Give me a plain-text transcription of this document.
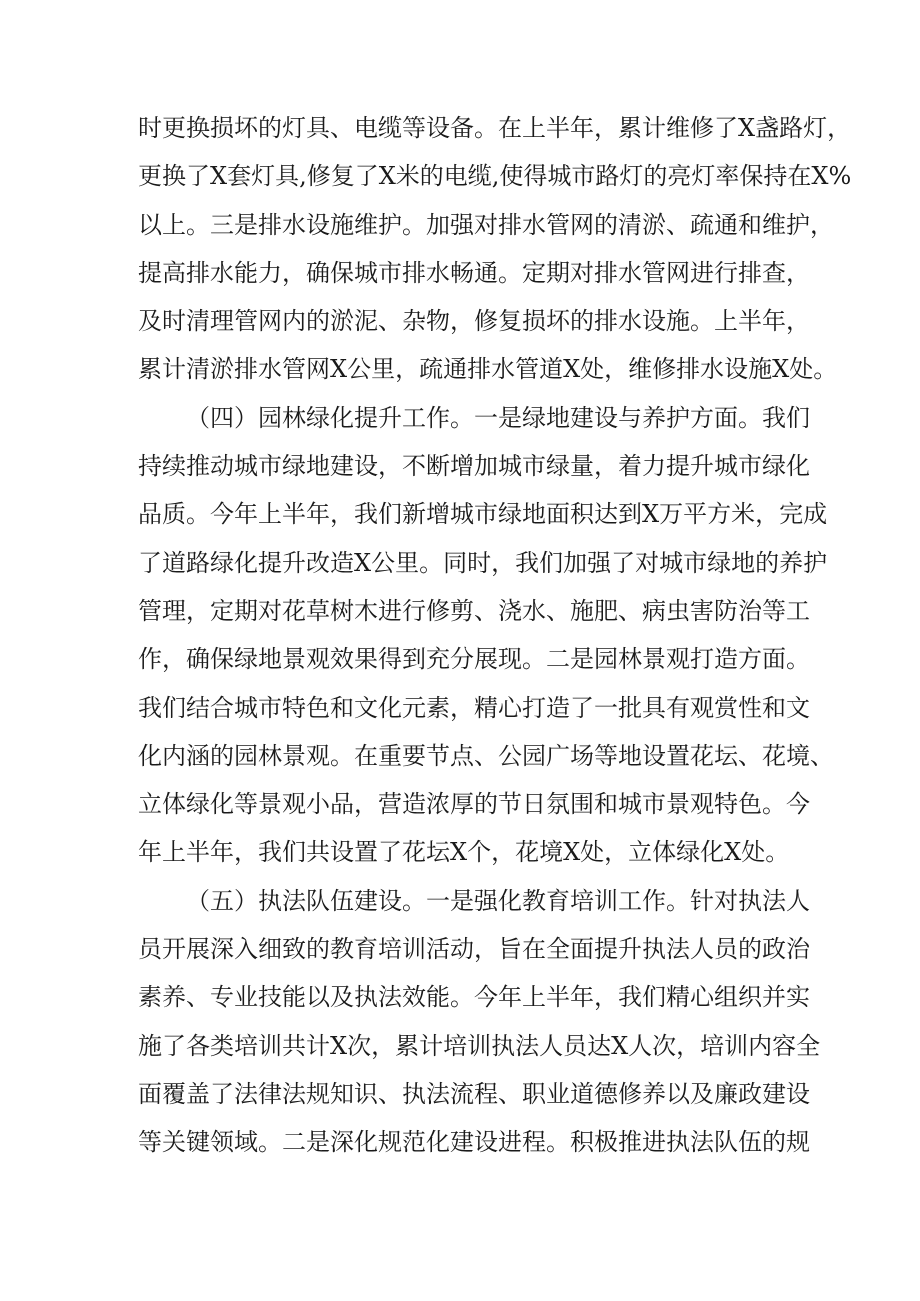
时更换损坏的灯具、电缆等设备。在上半年，累计维修了X盏路灯，
更换了X套灯具,修复了X米的电缆,使得城市路灯的亮灯率保持在X%
以上。三是排水设施维护。加强对排水管网的清淤、疏通和维护，
提高排水能力，确保城市排水畅通。定期对排水管网进行排查，
及时清理管网内的淤泥、杂物，修复损坏的排水设施。上半年，
累计清淤排水管网X公里，疏通排水管道X处，维修排水设施X处。
（四）园林绿化提升工作。一是绿地建设与养护方面。我们
持续推动城市绿地建设，不断增加城市绿量，着力提升城市绿化
品质。今年上半年，我们新增城市绿地面积达到X万平方米，完成
了道路绿化提升改造X公里。同时，我们加强了对城市绿地的养护
管理，定期对花草树木进行修剪、浇水、施肥、病虫害防治等工
作，确保绿地景观效果得到充分展现。二是园林景观打造方面。
我们结合城市特色和文化元素，精心打造了一批具有观赏性和文
化内涵的园林景观。在重要节点、公园广场等地设置花坛、花境、
立体绿化等景观小品，营造浓厚的节日氛围和城市景观特色。今
年上半年，我们共设置了花坛X个，花境X处，立体绿化X处。
（五）执法队伍建设。一是强化教育培训工作。针对执法人
员开展深入细致的教育培训活动，旨在全面提升执法人员的政治
素养、专业技能以及执法效能。今年上半年，我们精心组织并实
施了各类培训共计X次，累计培训执法人员达X人次，培训内容全
面覆盖了法律法规知识、执法流程、职业道德修养以及廉政建设
等关键领域。二是深化规范化建设进程。积极推进执法队伍的规
